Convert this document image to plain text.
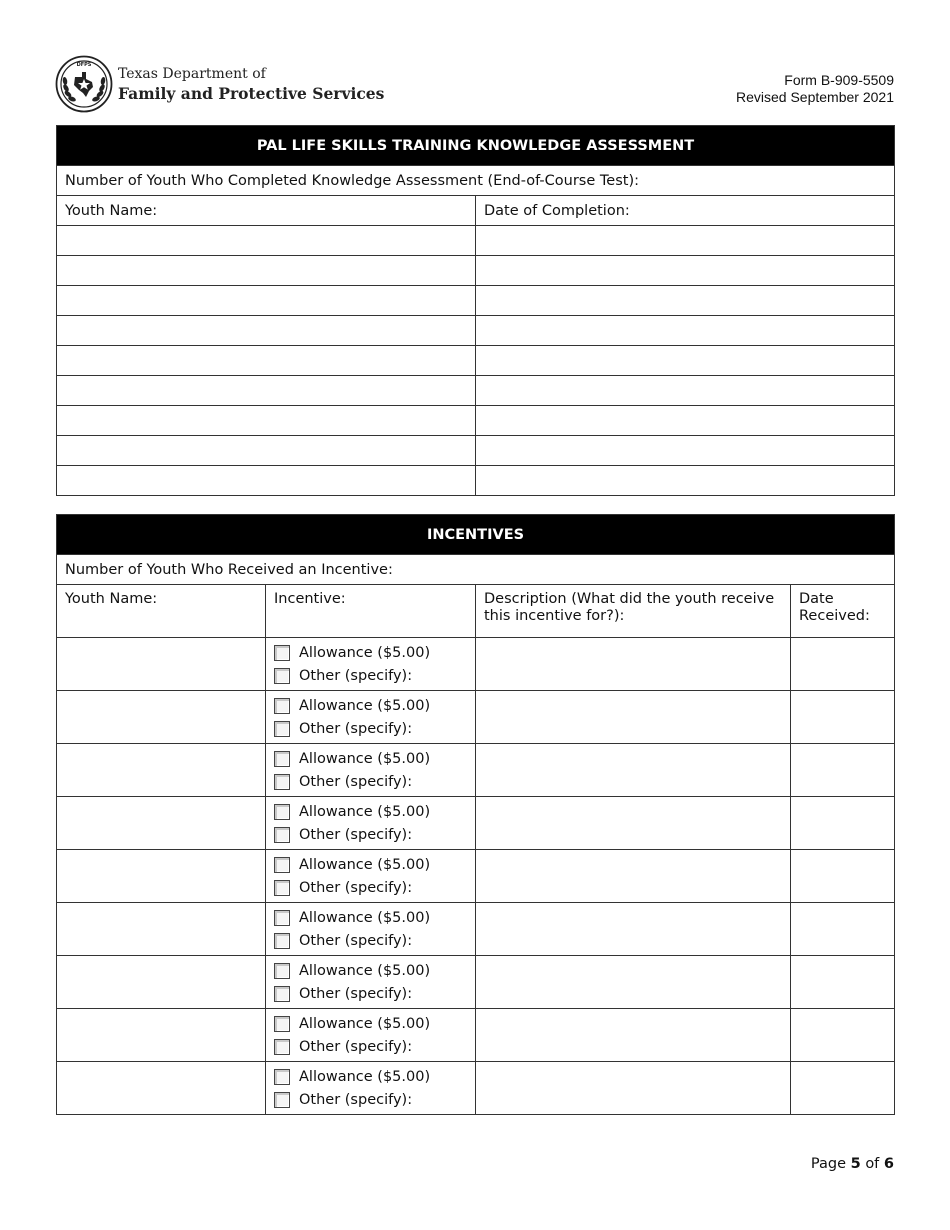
DFPS
Texas Department of
Family and Protective Services
Form B-909-5509
Revised September 2021
PAL LIFE SKILLS TRAINING KNOWLEDGE ASSESSMENT	
Number of Youth Who Completed Knowledge Assessment (End-of-Course Test):	
Youth Name:	Date of Completion:

INCENTIVES			
Number of Youth Who Received an Incentive:			
Youth Name:	Incentive:	Description (What did the youth receive this incentive for?):	Date Received:

	Allowance ($5.00)
Other (specify):		

	Allowance ($5.00)
Other (specify):		

	Allowance ($5.00)
Other (specify):		

	Allowance ($5.00)
Other (specify):		

	Allowance ($5.00)
Other (specify):		

	Allowance ($5.00)
Other (specify):		

	Allowance ($5.00)
Other (specify):		

	Allowance ($5.00)
Other (specify):		

	Allowance ($5.00)
Other (specify):		

Page 5 of 6
